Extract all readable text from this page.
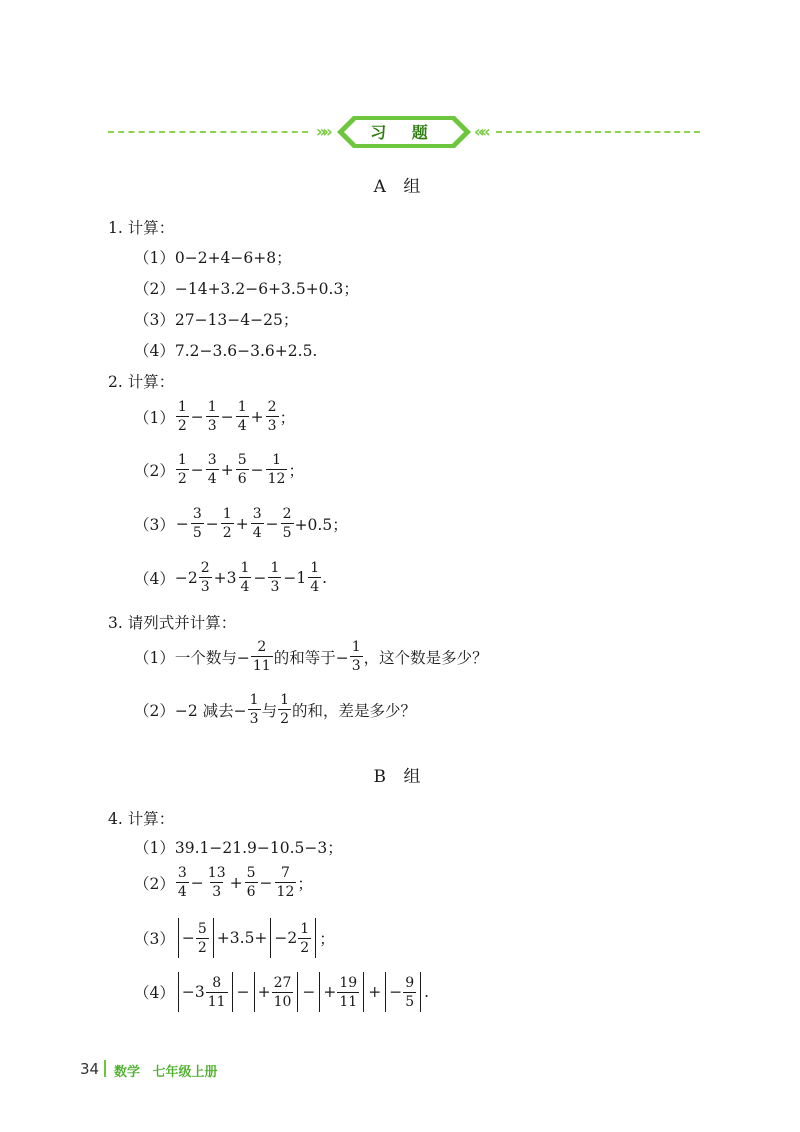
»»	习 题	««
A 组
1. 计算：
（1）0−2+4−6+8；
（2）−14+3.2−6+3.5+0.3；
（3）27−13−4−25；
（4）7.2−3.6−3.6+2.5.
2. 计算：
$(1) \frac{1}{2} - \frac{1}{3} - \frac{1}{4} + \frac{2}{3}$ ；
$(2) \frac{1}{2} - \frac{3}{4} + \frac{5}{6} - \frac{1}{12}$ ；
$(3) - \frac{3}{5} - \frac{1}{2} + \frac{3}{4} - \frac{2}{5} +0.5$；
$(4) -2 \frac{2}{3} +3 \frac{1}{4} - \frac{1}{3} -1 \frac{1}{4}$ .
3. 请列式并计算：
（1） 一个数与− $\frac{2}{11}$ 的和等于− $\frac{1}{3}$ ，这个数是多少？
（2） −2 减去− $\frac{1}{3}$ 与 $\frac{1}{2}$ 的和，差是多少？
B 组
4. 计算：
（1）39.1−21.9−10.5−3；
$(2) \frac{3}{4} - \frac{13}{3} + \frac{5}{6} - \frac{7}{12}$ ；
$(3) - \frac{5}{2} +3.5+ -2 \frac{1}{2}$ ；
$(4) -3 \frac{8}{11}$ − + $\frac{27}{10}$ − + $\frac{19}{11}$ + − $\frac{9}{5}$ .
34 数学 七年级上册
